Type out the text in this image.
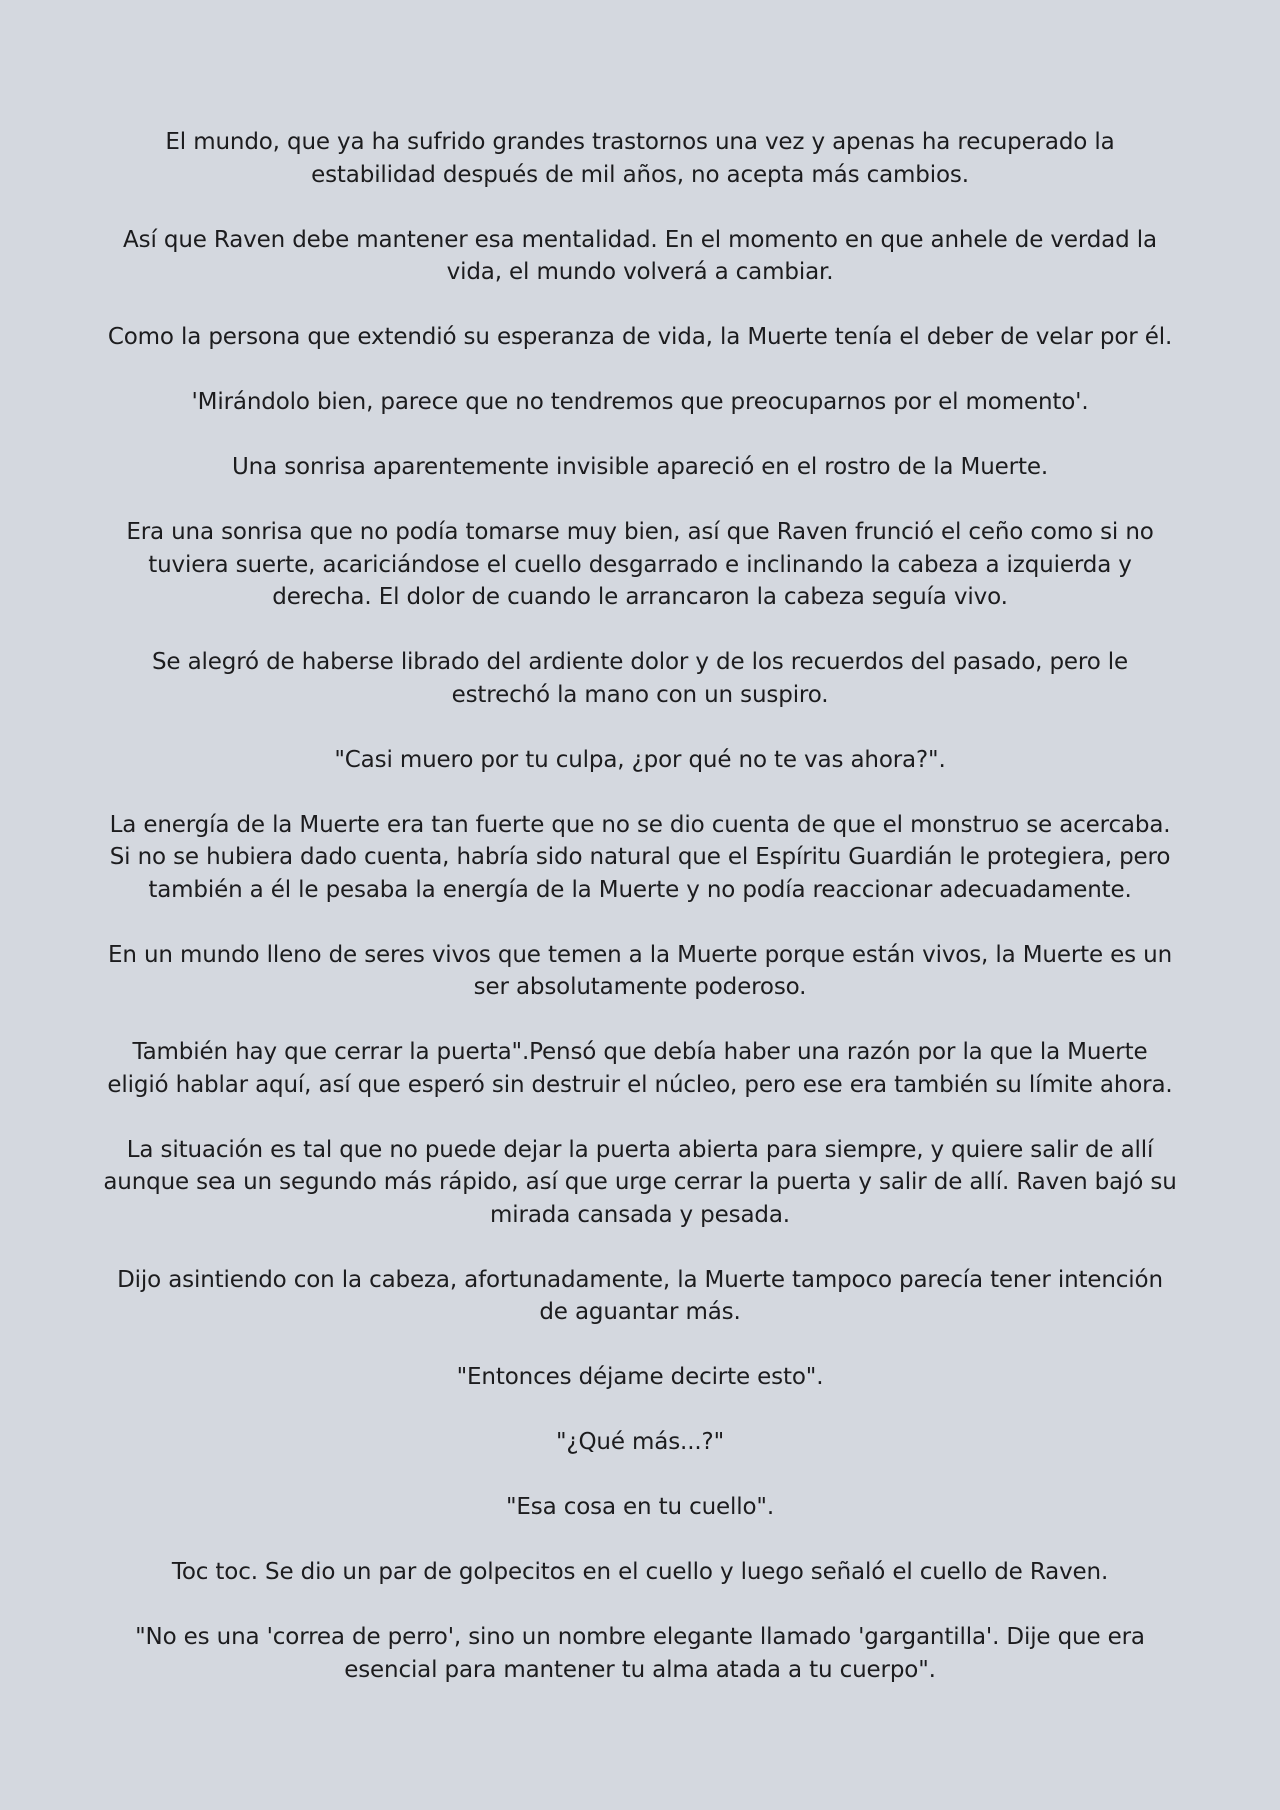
El mundo, que ya ha sufrido grandes trastornos una vez y apenas ha recuperado la estabilidad después de mil años, no acepta más cambios.

Así que Raven debe mantener esa mentalidad. En el momento en que anhele de verdad la vida, el mundo volverá a cambiar.

Como la persona que extendió su esperanza de vida, la Muerte tenía el deber de velar por él.

'Mirándolo bien, parece que no tendremos que preocuparnos por el momento'.

Una sonrisa aparentemente invisible apareció en el rostro de la Muerte.

Era una sonrisa que no podía tomarse muy bien, así que Raven frunció el ceño como si no tuviera suerte, acariciándose el cuello desgarrado e inclinando la cabeza a izquierda y derecha. El dolor de cuando le arrancaron la cabeza seguía vivo.

Se alegró de haberse librado del ardiente dolor y de los recuerdos del pasado, pero le estrechó la mano con un suspiro.

"Casi muero por tu culpa, ¿por qué no te vas ahora?".

La energía de la Muerte era tan fuerte que no se dio cuenta de que el monstruo se acercaba. Si no se hubiera dado cuenta, habría sido natural que el Espíritu Guardián le protegiera, pero también a él le pesaba la energía de la Muerte y no podía reaccionar adecuadamente.

En un mundo lleno de seres vivos que temen a la Muerte porque están vivos, la Muerte es un ser absolutamente poderoso.

También hay que cerrar la puerta".Pensó que debía haber una razón por la que la Muerte eligió hablar aquí, así que esperó sin destruir el núcleo, pero ese era también su límite ahora.

La situación es tal que no puede dejar la puerta abierta para siempre, y quiere salir de allí aunque sea un segundo más rápido, así que urge cerrar la puerta y salir de allí. Raven bajó su mirada cansada y pesada.

Dijo asintiendo con la cabeza, afortunadamente, la Muerte tampoco parecía tener intención de aguantar más.

"Entonces déjame decirte esto".

"¿Qué más...?"

"Esa cosa en tu cuello".

Toc toc. Se dio un par de golpecitos en el cuello y luego señaló el cuello de Raven.

"No es una 'correa de perro', sino un nombre elegante llamado 'gargantilla'. Dije que era esencial para mantener tu alma atada a tu cuerpo".
